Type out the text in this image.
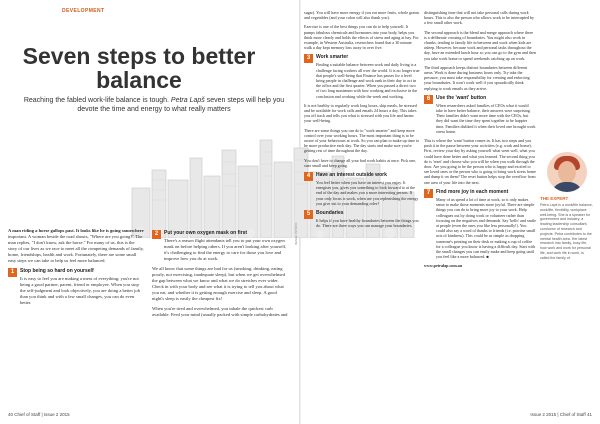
DEVELOPMENT
Seven steps to better balance
Reaching the fabled work-life balance is tough. Petra Lapš seven steps will help you devote the time and energy to what really matters
IMAGE: ISTOCK

A man riding a horse gallops past. It looks like he is going somewhere important. A woman beside the road shouts, "Where are you going?" The man replies, "I don't know, ask the horse." For many of us, this is the story of our lives as we race to meet all the competing demands of family, home, friendships, health and work. Fortunately, there are some small easy steps we can take to help us feel more balanced.

1	Stop being so hard on yourself
It is easy to feel you are making a mess of everything; you're not being a good partner, parent, friend or employee. When you stop the self-judgment and look objectively, you are doing a better job than you think and with a few small changes, you can do even better.
2	Put your own oxygen mask on first
There's a reason flight attendants tell you to put your own oxygen mask on before helping others. If you aren't looking after yourself, it's challenging to find the energy to care for those you love and improve how you do at work.

We all know that some things are bad for us (smoking, drinking, eating poorly, not exercising, inadequate sleep), but when we get overwhelmed the gap between what we know and what we do stretches ever wider. Check in with your body and see what it is trying to tell you about what you eat, and whether it is getting enough exercise and sleep. A good night's sleep is easily the cheapest fix!

When you're tired and overwhelmed, you inhale the quickest carb available. Feed your mind (usually packed with simple carbohydrates and

sugar). You will have more energy if you eat more fruits, whole grains and vegetables (and your colon will also thank you).

Exercise is one of the best things you can do to help yourself. It pumps fabulous chemicals and hormones into your body, helps you think more clearly and holds the effects of stress and aging at bay. For example, in Western Australia, researchers found that a 30 minute walk a day kept memory loss away in over five.

3	Work smarter
Finding a suitable balance between work and daily living is a challenge facing workers all over the world. It is no longer true that people's well-being that Finance has passes for a level bring people in challenge and work rank in their day to act in the office and the first quarter. When you passed a direct two of two long maximum with how working and exclusive in the conclusion and working while the week and working.

It is not healthy to regularly work long hours, skip meals, be stressed and be available for work calls and emails 24 hours a day. This takes you off track and tells you what is stressed with you life and harms your well-being.

There are some things you can do to "work smarter" and keep more control over your working hours. The most important thing is to be aware of your behaviours at work. So you can plan to make up time to be more productive each day. The day starts and make sure you're getting rest of time throughout the day.

You don't have to change all your bad work habits at once. Pick one, start small and keep going.

4	Have an interest outside work
You feel better when you have an interest you enjoy. It energises you, gives you something to look forward to at the end of the day and makes you a more interesting person. If your only focus is work, when are you replenishing the energy you give out to your demanding roles?
5	Boundaries
It helps if you have healthy boundaries between the things you do. There are three ways you can manage your boundaries.

distinguishing time that will not take personal calls during work hours. This is also the person who allows work to be interrupted by a few small other work.

The second approach is the blend and merge approach where there is a deliberate crossing of boundaries. You might also work in chunks, tending to family life in between and work when kids are asleep. However, because work and personal tasks throughout the day, have an extended lunch hour so you can go to the gym and then you take work home or spend weekends catching up on work.

The third approach keeps distinct boundaries between different areas. Work is done during business hours only. Try take the pressure, you must take responsibility for creating and enforcing your boundaries. It won't work well if you sporadically think replying to work emails as they arrive.

6	Use the 'want' button
When researchers asked families of CEOs what it would take to have better balance, their answers were surprising. Their families didn't want more time with the CEOs, but they did want the time they spent together to be happier time. Families disliked it when their loved one brought work stress home.

This is where the 'want' button comes in. It has two steps and you push it in the pause between your activities (e.g. work and home). First, review your day by asking yourself what went well, what you could have done better and what you learned. The second thing you do is 'reset' and choose who you will be when you walk through the door. Are you going to be the person who is happy and excited to see loved ones or the person who is going to bring work stress home and dump it on them? The reset button helps stop the overflow from one area of your life into the next.

7	Find more joy in each moment
Many of us spend a lot of time at work, so it only makes sense to make those moments more joyful. There are simple things you can do to bring more joy to your work. Help colleagues out by doing work or volunteer rather than focusing on the negatives and demands. Say 'hello' and smile at people (even the ones you like less personally!). You could also say a word of thanks to friends (i.e. practise small acts of kindness). This could be as simple as dropping someone's printing on their desk or making a cup of coffee for a colleague you know is having a difficult day. Start with the small changes you can easily make and keep going until you feel like a more balanced. ■

www.petralap.com.au

THE EXPERT
Petra Lapš is a work/life balance, work/life, flexibility, workplace well-being. She is a speaker for government and industry, a leading leadership consultant, conductor of research and projects. Petra contributes to the mental health area. Her latest research into family, busy life, how work and work for personal life, and work life in work, is called the family of.
40 Chief of Staff | Issue 2 2015	Issue 2 2015 | Chief of Staff 41
